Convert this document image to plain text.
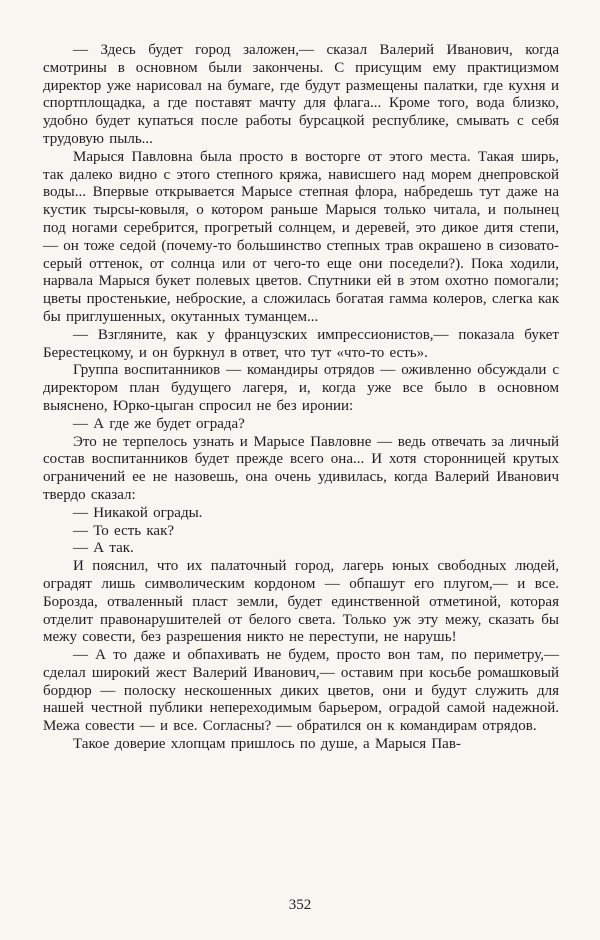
— Здесь будет город заложен,— сказал Валерий Иванович, когда смотрины в основном были закончены. С присущим ему практицизмом директор уже нарисовал на бумаге, где будут размещены палатки, где кухня и спортплощадка, а где поставят мачту для флага... Кроме того, вода близко, удобно будет купаться после работы бурсацкой республике, смывать с себя трудовую пыль...

Марыся Павловна была просто в восторге от этого места. Такая ширь, так далеко видно с этого степного кряжа, нависшего над морем днепровской воды... Впервые открывается Марысе степная флора, набредешь тут даже на кустик тырсы-ковыля, о котором раньше Марыся только читала, и полынец под ногами серебрится, прогретый солнцем, и деревей, это дикое дитя степи,— он тоже седой (почему-то большинство степных трав окрашено в сизовато-серый оттенок, от солнца или от чего-то еще они поседели?). Пока ходили, нарвала Марыся букет полевых цветов. Спутники ей в этом охотно помогали; цветы простенькие, неброские, а сложилась богатая гамма колеров, слегка как бы приглушенных, окутанных туманцем...

— Взгляните, как у французских импрессионистов,— показала букет Берестецкому, и он буркнул в ответ, что тут «что-то есть».

Группа воспитанников — командиры отрядов — оживленно обсуждали с директором план будущего лагеря, и, когда уже все было в основном выяснено, Юрко-цыган спросил не без иронии:

— А где же будет ограда?

Это не терпелось узнать и Марысе Павловне — ведь отвечать за личный состав воспитанников будет прежде всего она... И хотя сторонницей крутых ограничений ее не назовешь, она очень удивилась, когда Валерий Иванович твердо сказал:

— Никакой ограды.

— То есть как?

— А так.

И пояснил, что их палаточный город, лагерь юных свободных людей, оградят лишь символическим кордоном — обпашут его плугом,— и все. Борозда, отваленный пласт земли, будет единственной отметиной, которая отделит правонарушителей от белого света. Только уж эту межу, сказать бы межу совести, без разрешения никто не переступи, не нарушь!

— А то даже и обпахивать не будем, просто вон там, по периметру,— сделал широкий жест Валерий Иванович,— оставим при косьбе ромашковый бордюр — полоску нескошенных диких цветов, они и будут служить для нашей честной публики непереходимым барьером, оградой самой надежной. Межа совести — и все. Согласны? — обратился он к командирам отрядов.

Такое доверие хлопцам пришлось по душе, а Марыся Пав-

352
